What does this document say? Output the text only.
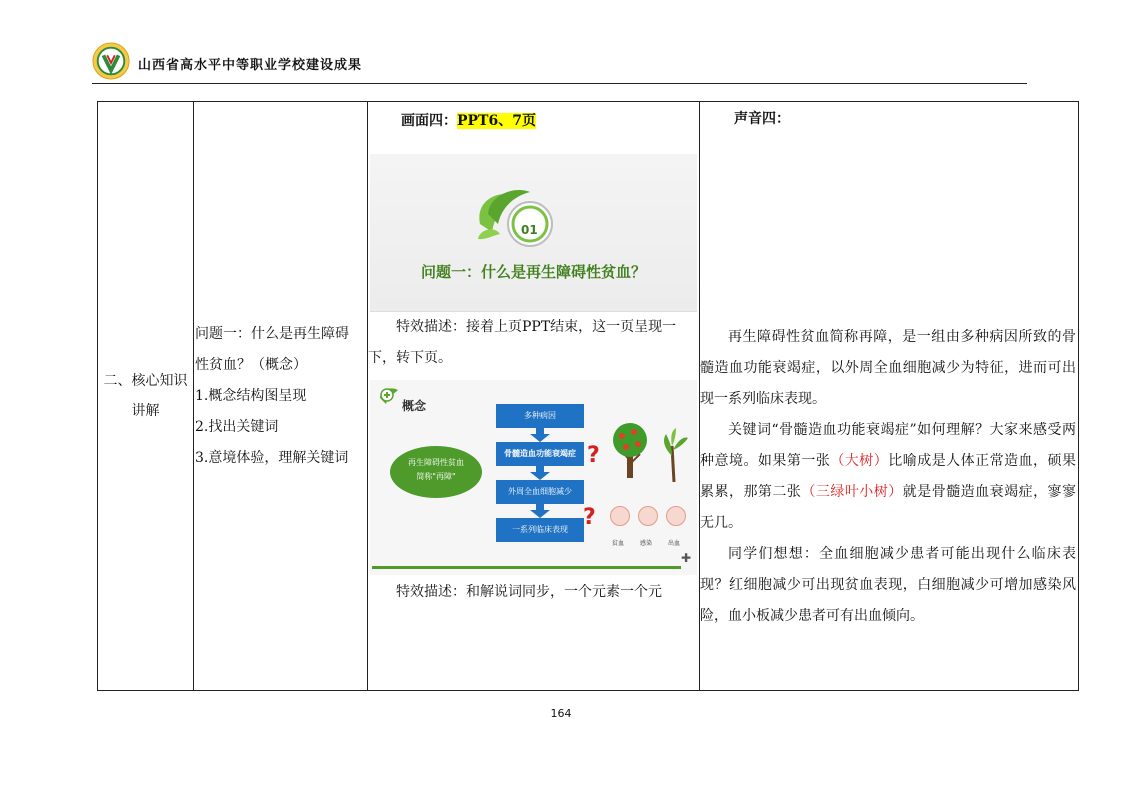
山西省高水平中等职业学校建设成果
二、核心知识
讲解

问题一：什么是再生障碍
性贫血？（概念）
1.概念结构图呈现
2.找出关键词
3.意境体验，理解关键词

画面四：PPT6、7页
01
问题一：什么是再生障碍性贫血？
特效描述：接着上页PPT结束，这一页呈现一下，转下页。
概念
再生障碍性贫血
简称"再障"
多种病因
骨髓造血功能衰竭症
外周全血细胞减少
一系列临床表现
?
?
贫血	感染	出血
✚
特效描述：和解说词同步，一个元素一个元

声音四：
再生障碍性贫血简称再障，是一组由多种病因所致的骨髓造血功能衰竭症，以外周全血细胞减少为特征，进而可出现一系列临床表现。
关键词“骨髓造血功能衰竭症”如何理解？大家来感受两种意境。如果第一张（大树）比喻成是人体正常造血，硕果累累，那第二张（三绿叶小树）就是骨髓造血衰竭症，寥寥无几。
同学们想想：全血细胞减少患者可能出现什么临床表现？红细胞减少可出现贫血表现，白细胞减少可增加感染风险，血小板减少患者可有出血倾向。
164
